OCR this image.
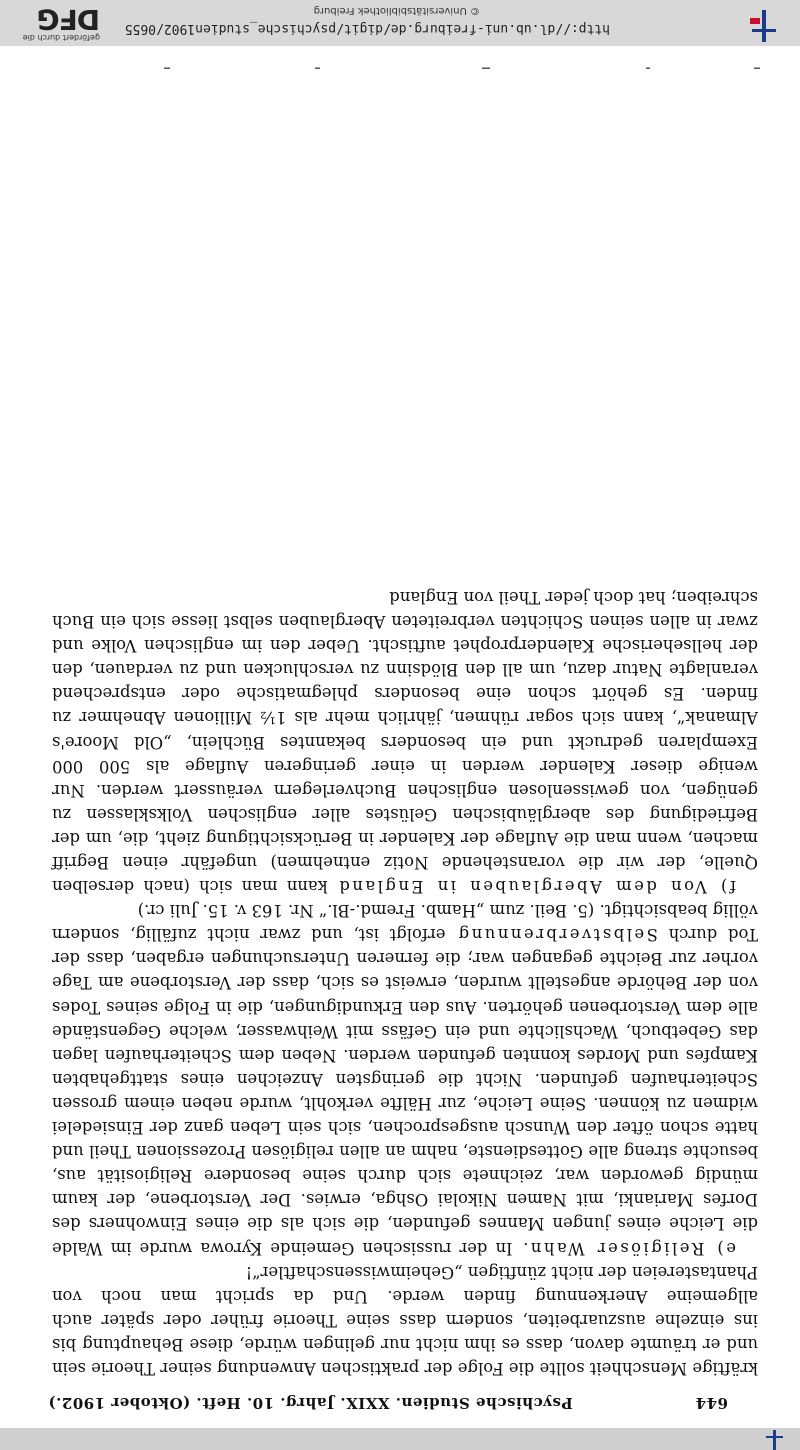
644
Psychische Studien. XXIX. Jahrg. 10. Heft. (Oktober 1902.)

kräftige Menschheit sollte die Folge der praktischen Anwendung seiner Theorie sein und er träumte davon, dass es ihm nicht nur gelingen würde, diese Behauptung bis ins einzelne auszuarbeiten, sondern dass seine Theorie früher oder später auch allgemeine Anerkennung finden werde. Und da spricht man noch von Phantastereien der nicht zünftigen „Geheimwissenschaftler“!

e) Religiöser Wahn. In der russischen Gemeinde Kyrowa wurde im Walde die Leiche eines jungen Mannes gefunden, die sich als die eines Einwohners des Dorfes Marianki, mit Namen Nikolai Oshga, erwies. Der Verstorbene, der kaum mündig geworden war, zeichnete sich durch seine besondere Religiosität aus, besuchte streng alle Gottesdienste, nahm an allen religiösen Prozessionen Theil und hatte schon öfter den Wunsch ausgesprochen, sich sein Leben ganz der Einsiedelei widmen zu können. Seine Leiche, zur Hälfte verkohlt, wurde neben einem grossen Scheiterhaufen gefunden. Nicht die geringsten Anzeichen eines stattgehabten Kampfes und Mordes konnten gefunden werden. Neben dem Scheiterhaufen lagen das Gebetbuch, Wachslichte und ein Gefäss mit Weihwasser, welche Gegenstände alle dem Verstorbenen gehörten. Aus den Erkundigungen, die in Folge seines Todes von der Behörde angestellt wurden, erweist es sich, dass der Verstorbene am Tage vorher zur Beichte gegangen war; die ferneren Untersuchungen ergaben, dass der Tod durch Selbstverbrennung erfolgt ist, und zwar nicht zufällig, sondern völlig beabsichtigt. (5. Beil. zum „Hamb. Fremd.-Bl.“ Nr. 163 v. 15. Juli cr.)

f) Von dem Aberglauben in England kann man sich (nach derselben Quelle, der wir die voranstehende Notiz entnehmen) ungefähr einen Begriff machen, wenn man die Auflage der Kalender in Berücksichtigung zieht, die, um der Befriedigung des abergläubischen Gelüstes aller englischen Volksklassen zu genügen, von gewissenlosen englischen Buchverlegern veräussert werden. Nur wenige dieser Kalender werden in einer geringeren Auflage als 500 000 Exemplaren gedruckt und ein besonders bekanntes Büchlein, „Old Moore's Almanak“, kann sich sogar rühmen, jährlich mehr als 1½ Millionen Abnehmer zu finden. Es gehört schon eine besonders phlegmatische oder entsprechend veranlagte Natur dazu, um all den Blödsinn zu verschlucken und zu verdauen, den der hellseherische Kalenderprophet auftischt. Ueber den im englischen Volke und zwar in allen seinen Schichten verbreiteten Aberglauben selbst liesse sich ein Buch schreiben; hat doch jeder Theil von England

http://dl.ub.uni-freiburg.de/digit/psychische_studien1902/0655
© Universitätsbibliothek Freiburg
gefördert durch die
DFG
